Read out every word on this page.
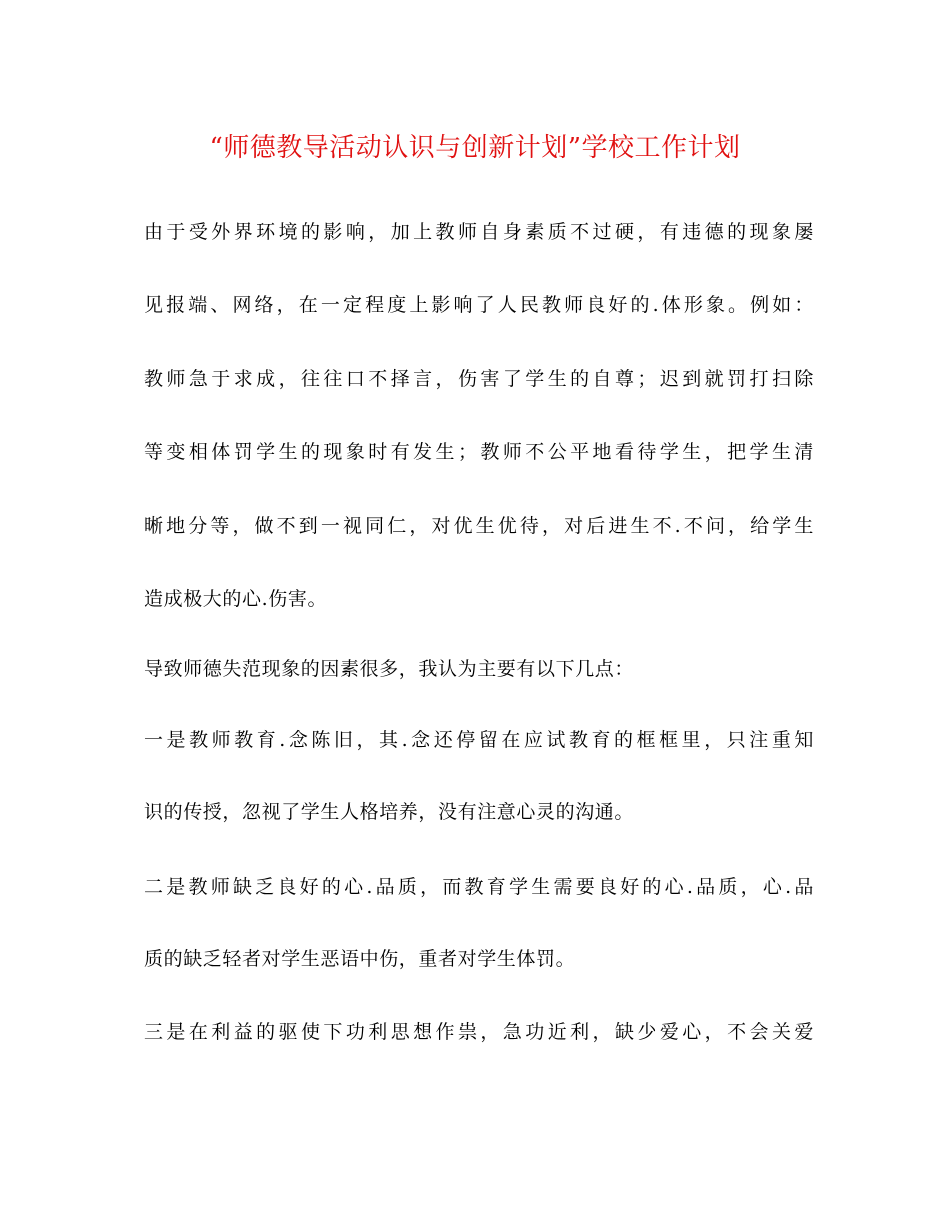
“师德教导活动认识与创新计划”学校工作计划

由于受外界环境的影响，加上教师自身素质不过硬，有违德的现象屡

见报端、网络，在一定程度上影响了人民教师良好的.体形象。例如：

教师急于求成，往往口不择言，伤害了学生的自尊；迟到就罚打扫除

等变相体罚学生的现象时有发生；教师不公平地看待学生，把学生清

晰地分等，做不到一视同仁，对优生优待，对后进生不.不问，给学生

造成极大的心.伤害。

导致师德失范现象的因素很多，我认为主要有以下几点：

一是教师教育.念陈旧，其.念还停留在应试教育的框框里，只注重知

识的传授，忽视了学生人格培养，没有注意心灵的沟通。

二是教师缺乏良好的心.品质，而教育学生需要良好的心.品质，心.品

质的缺乏轻者对学生恶语中伤，重者对学生体罚。

三是在利益的驱使下功利思想作祟，急功近利，缺少爱心，不会关爱
